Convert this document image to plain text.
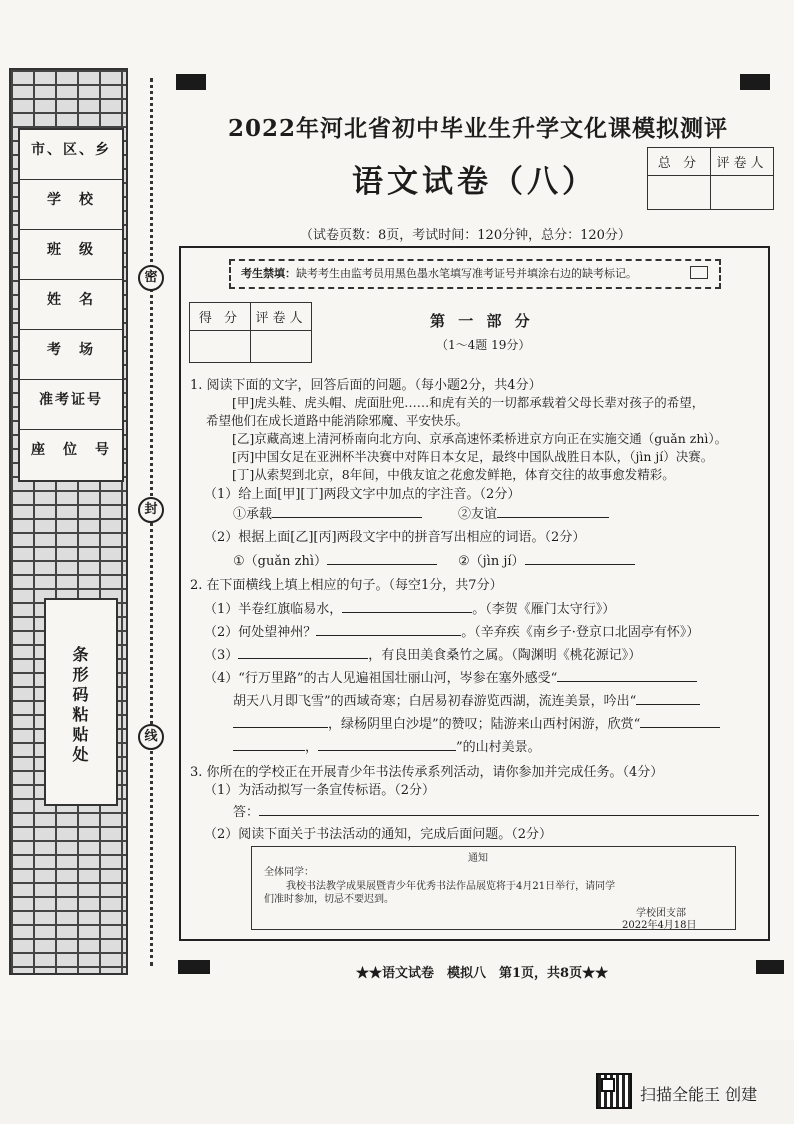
市、区、乡
学　校
班　级
姓　名
考　场
准考证号
座　位　号
条形码粘贴处
密
封
线
2022年河北省初中毕业生升学文化课模拟测评
语文试卷（八）
总 分	评卷人

（试卷页数：8页，考试时间：120分钟，总分：120分）
考生禁填：缺考考生由监考员用黑色墨水笔填写准考证号并填涂右边的缺考标记。
得 分	评卷人
		第 一 部 分
（1～4题 19分）
1. 阅读下面的文字，回答后面的问题。（每小题2分，共4分）
[甲]虎头鞋、虎头帽、虎面肚兜……和虎有关的一切都承载着父母长辈对孩子的希望，
希望他们在成长道路中能消除邪魔、平安快乐。
[乙]京藏高速上清河桥南向北方向、京承高速怀柔桥进京方向正在实施交通（guǎn zhì）。
[丙]中国女足在亚洲杯半决赛中对阵日本女足，最终中国队战胜日本队，（jìn jí）决赛。
[丁]从索契到北京，8年间，中俄友谊之花愈发鲜艳，体育交往的故事愈发精彩。
（1）给上面[甲][丁]两段文字中加点的字注音。（2分）
①承载	②友谊
（2）根据上面[乙][丙]两段文字中的拼音写出相应的词语。（2分）
①（guǎn zhì）	②（jìn jí）
2. 在下面横线上填上相应的句子。（每空1分，共7分）
（1）半卷红旗临易水，	。（李贺《雁门太守行》）
（2）何处望神州？	。（辛弃疾《南乡子·登京口北固亭有怀》）
（3）	，有良田美食桑竹之属。（陶渊明《桃花源记》）
（4）“行万里路”的古人见遍祖国壮丽山河，岑参在塞外感受“
胡天八月即飞雪”的西域奇寒；白居易初春游览西湖，流连美景，吟出“
，绿杨阴里白沙堤”的赞叹；陆游来山西村闲游，欣赏“
，	”的山村美景。
3. 你所在的学校正在开展青少年书法传承系列活动，请你参加并完成任务。（4分）
（1）为活动拟写一条宣传标语。（2分）
答：
（2）阅读下面关于书法活动的通知，完成后面问题。（2分）
通知
全体同学：
我校书法教学成果展暨青少年优秀书法作品展览将于4月21日举行，请同学
们准时参加，切忌不要迟到。
学校团支部
2022年4月18日
★★语文试卷　模拟八　第1页，共8页★★
扫描全能王 创建
